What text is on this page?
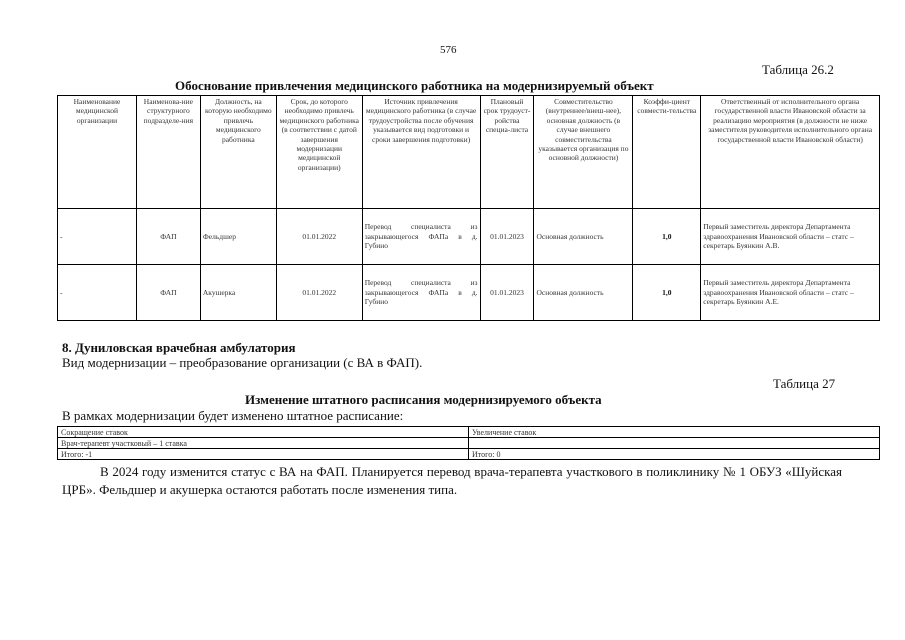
576
Таблица 26.2
Обоснование привлечения медицинского работника на модернизируемый объект
Наименование медицинской организации	Наименова-ние структурного подразделе-ния	Должность, на которую необходимо привлечь медицинского работника	Срок, до которого необходимо привлечь медицинского работника (в соответствии с датой завершения модернизации медицинской организации)	Источник привлечения медицинского работника (в случае трудоустройства после обучения указывается вид подготовки и сроки завершения подготовки)	Плановый срок трудоуст-ройства специа-листа	Совместительство (внутреннее/внеш-нее), основная должность (в случае внешнего совместительства указывается организация по основной должности)	Коэффи-циент совмести-тельства	Ответственный от исполнительного органа государственной власти Ивановской области за реализацию мероприятия (в должности не ниже заместителя руководителя исполнительного органа государственной власти Ивановской области)
-	ФАП	Фельдшер	01.01.2022	Перевод специалиста из закрывающегося ФАПа в д. Губино	01.01.2023	Основная должность	1,0	Первый заместитель директора Департамента здравоохранения Ивановской области – статс – секретарь Буянкин А.В.
-	ФАП	Акушерка	01.01.2022	Перевод специалиста из закрывающегося ФАПа в д. Губино	01.01.2023	Основная должность	1,0	Первый заместитель директора Департамента здравоохранения Ивановской области – статс – секретарь Буянкин А.Е.
8. Дуниловская врачебная амбулатория
Вид модернизации – преобразование организации (с ВА в ФАП).
Таблица 27
Изменение штатного расписания модернизируемого объекта
В рамках модернизации будет изменено штатное расписание:
Сокращение ставок	Увеличение ставок
Врач-терапевт участковый – 1 ставка	
Итого: -1	Итого: 0
В 2024 году изменится статус с ВА на ФАП. Планируется перевод врача-терапевта участкового в поликлинику № 1 ОБУЗ «Шуйская ЦРБ». Фельдшер и акушерка остаются работать после изменения типа.
